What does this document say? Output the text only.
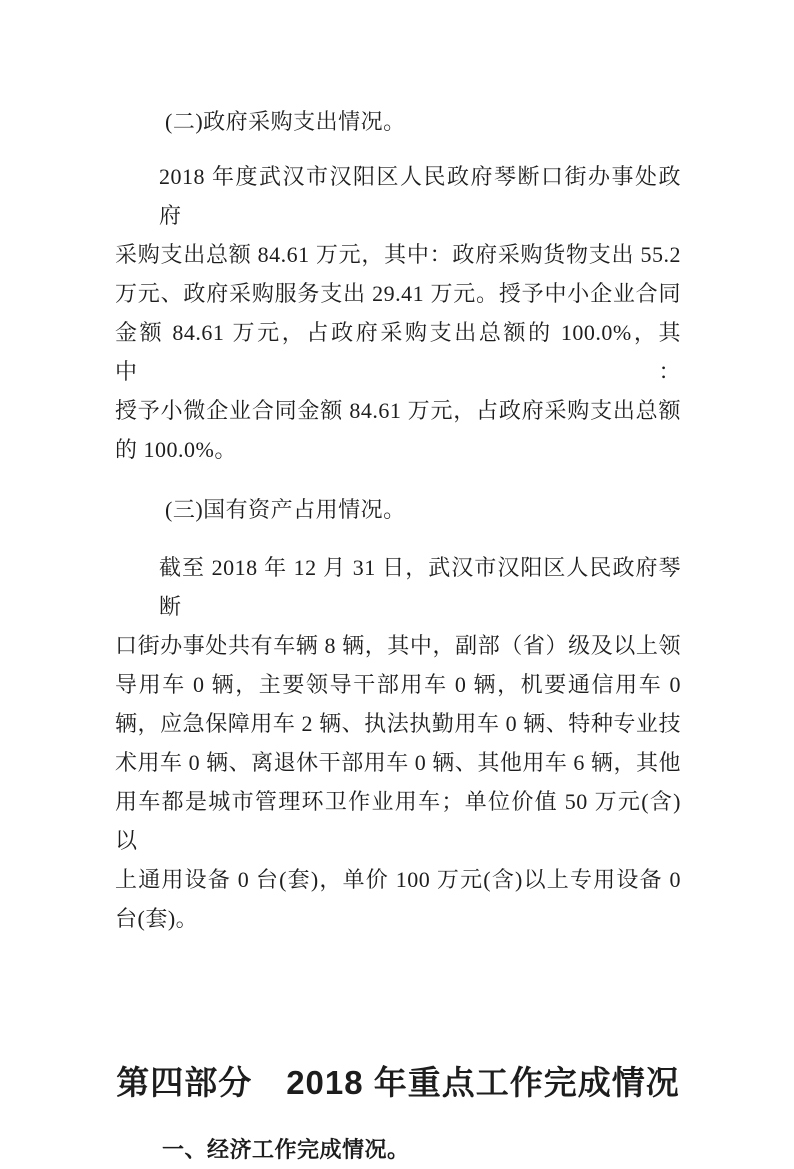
(二)政府采购支出情况。
2018 年度武汉市汉阳区人民政府琴断口街办事处政府
采购支出总额 84.61 万元，其中：政府采购货物支出 55.2
万元、政府采购服务支出 29.41 万元。授予中小企业合同
金额 84.61 万元，占政府采购支出总额的 100.0%，其中：
授予小微企业合同金额 84.61 万元，占政府采购支出总额
的 100.0%。
(三)国有资产占用情况。
截至 2018 年 12 月 31 日，武汉市汉阳区人民政府琴断
口街办事处共有车辆 8 辆，其中，副部（省）级及以上领
导用车 0 辆，主要领导干部用车 0 辆，机要通信用车 0
辆，应急保障用车 2 辆、执法执勤用车 0 辆、特种专业技
术用车 0 辆、离退休干部用车 0 辆、其他用车 6 辆，其他
用车都是城市管理环卫作业用车；单位价值 50 万元(含)以
上通用设备 0 台(套)，单价 100 万元(含)以上专用设备 0
台(套)。
第四部分　2018 年重点工作完成情况
一、经济工作完成情况。
